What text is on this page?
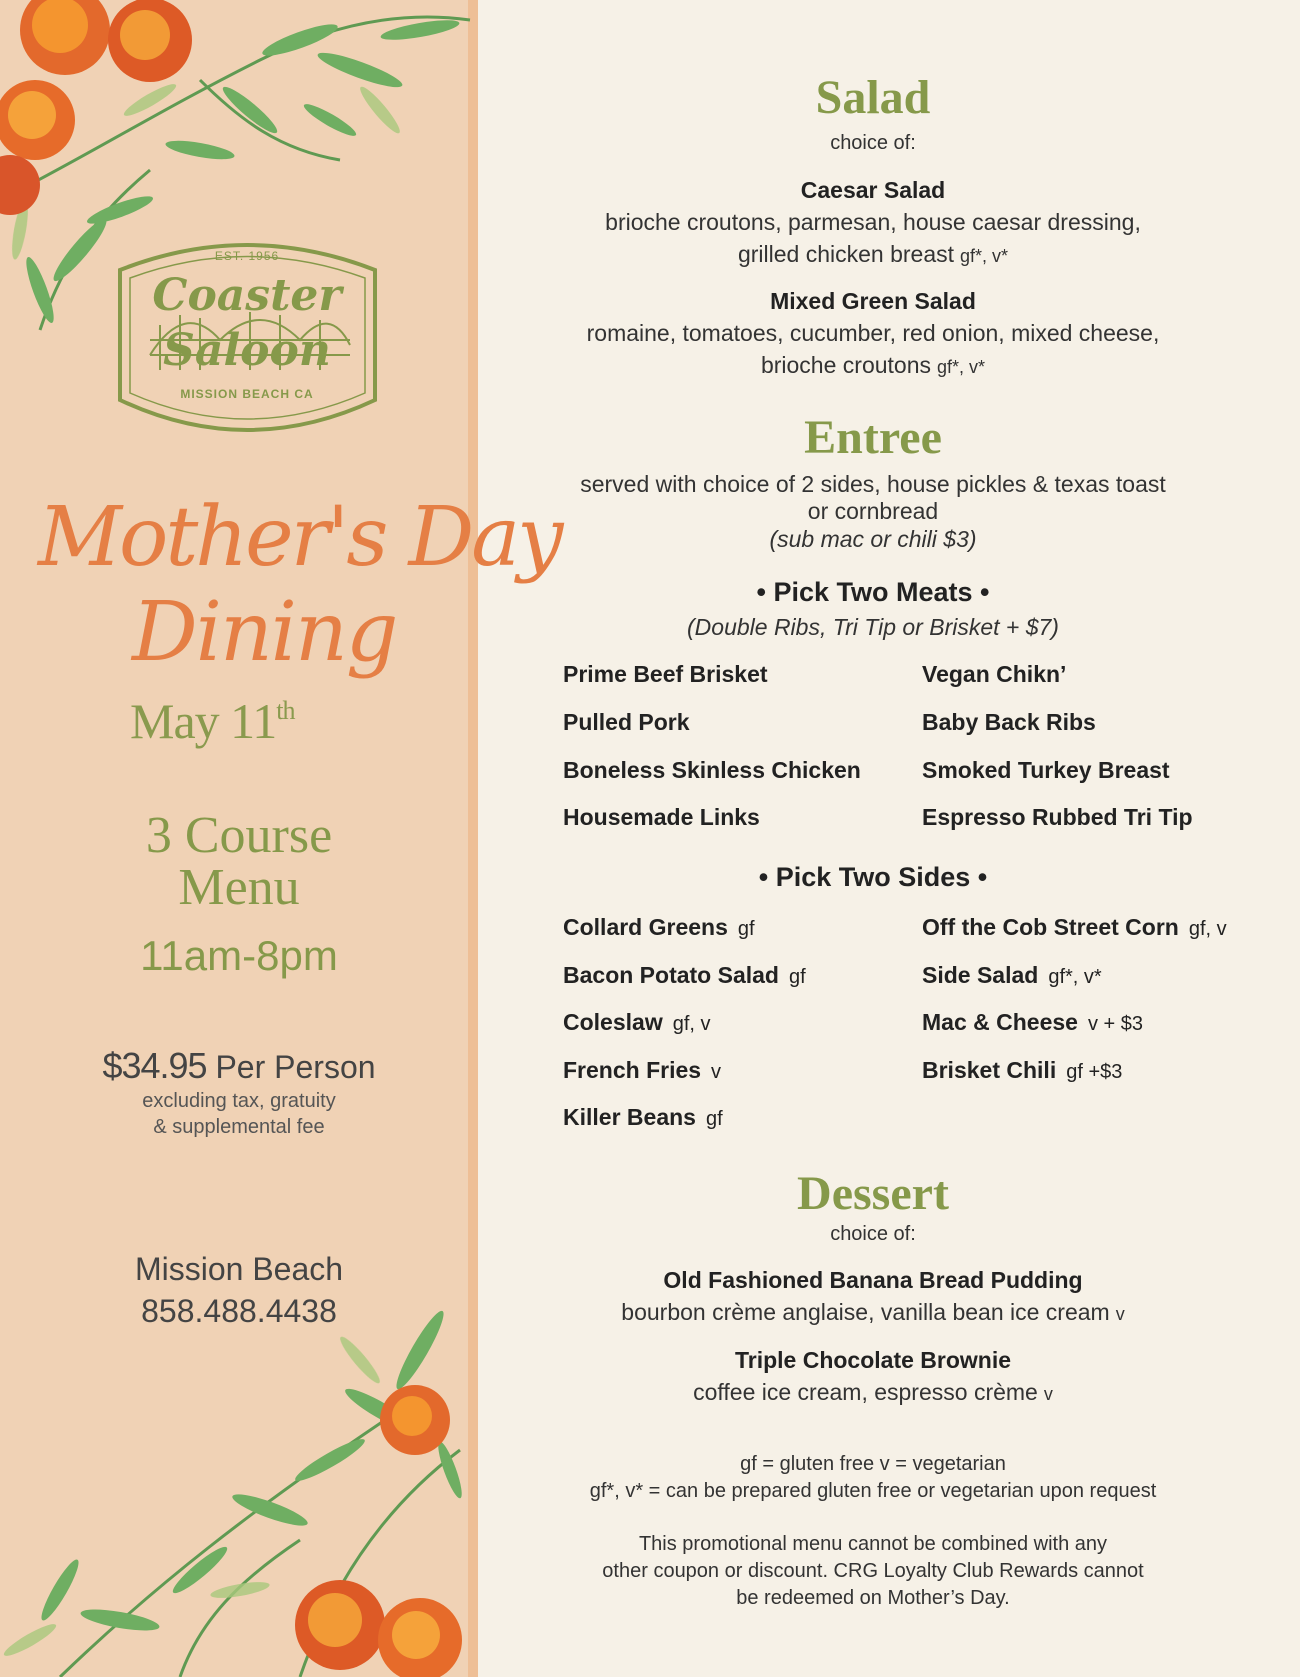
EST. 1956
Coaster
Saloon
MISSION BEACH CA
Mother's Day
Dining
May 11th
3 Course
Menu
11am-8pm
$34.95 Per Person
excluding tax, gratuity
& supplemental fee
Mission Beach
858.488.4438
Salad
choice of:
Caesar Salad
brioche croutons, parmesan, house caesar dressing,
grilled chicken breast gf*, v*
Mixed Green Salad
romaine, tomatoes, cucumber, red onion, mixed cheese,
brioche croutons gf*, v*
Entree
served with choice of 2 sides, house pickles & texas toast
or cornbread
(sub mac or chili $3)
• Pick Two Meats •
(Double Ribs, Tri Tip or Brisket + $7)
Prime Beef Brisket
Pulled Pork
Boneless Skinless Chicken
Housemade Links
Vegan Chikn’
Baby Back Ribs
Smoked Turkey Breast
Espresso Rubbed Tri Tip
• Pick Two Sides •
Collard Greens gf
Bacon Potato Salad gf
Coleslaw gf, v
French Fries v
Killer Beans gf
Off the Cob Street Corn gf, v
Side Salad gf*, v*
Mac & Cheese v + $3
Brisket Chili gf +$3
Dessert
choice of:
Old Fashioned Banana Bread Pudding
bourbon crème anglaise, vanilla bean ice cream v
Triple Chocolate Brownie
coffee ice cream, espresso crème v
gf = gluten free v = vegetarian
gf*, v* = can be prepared gluten free or vegetarian upon request
This promotional menu cannot be combined with any
other coupon or discount. CRG Loyalty Club Rewards cannot
be redeemed on Mother’s Day.
